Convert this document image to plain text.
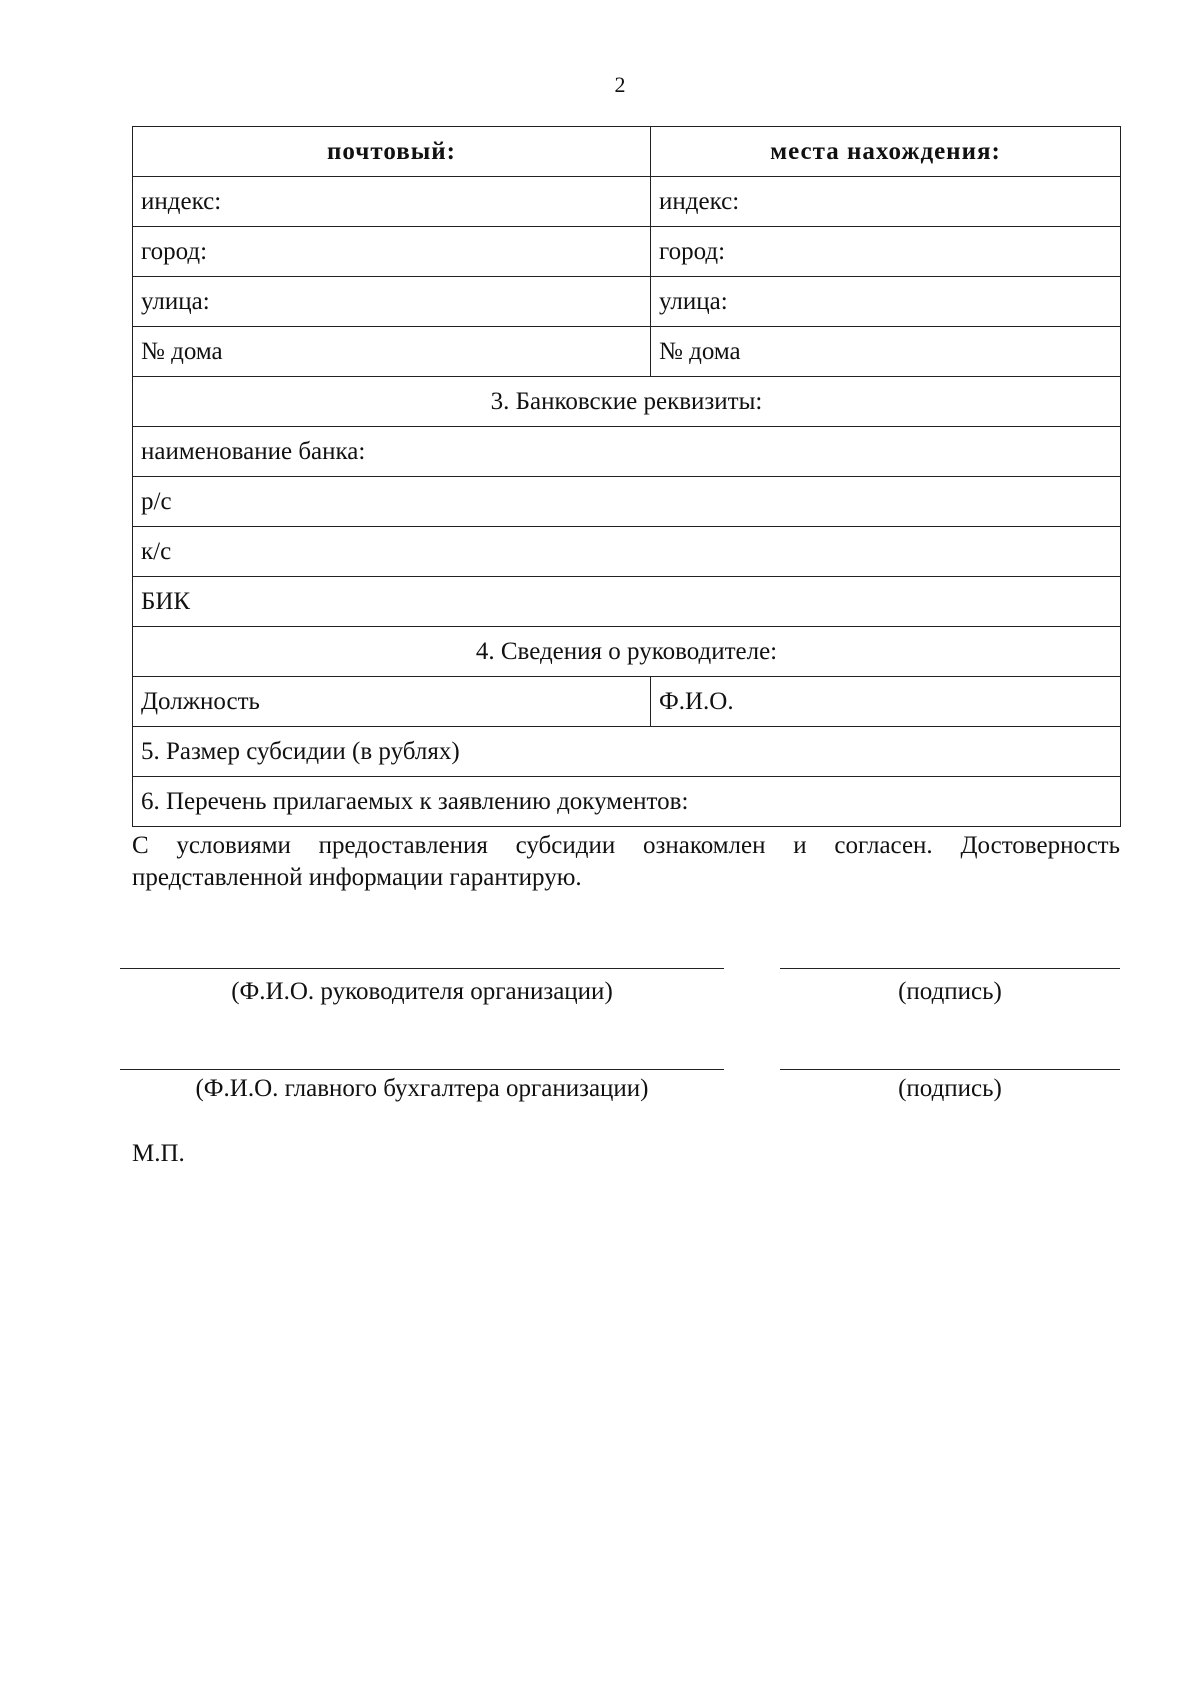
2
почтовый:	места нахождения:
индекс:	индекс:
город:	город:
улица:	улица:
№ дома	№ дома
3. Банковские реквизиты:	
наименование банка:	
р/с	
к/с	
БИК	
4. Сведения о руководителе:	
Должность	Ф.И.О.
5. Размер субсидии (в рублях)	
6. Перечень прилагаемых к заявлению документов:	
С условиями предоставления субсидии ознакомлен и согласен. Достоверность представленной информации гарантирую.
(Ф.И.О. руководителя организации)	(подпись)
(Ф.И.О. главного бухгалтера организации)	(подпись)
М.П.
